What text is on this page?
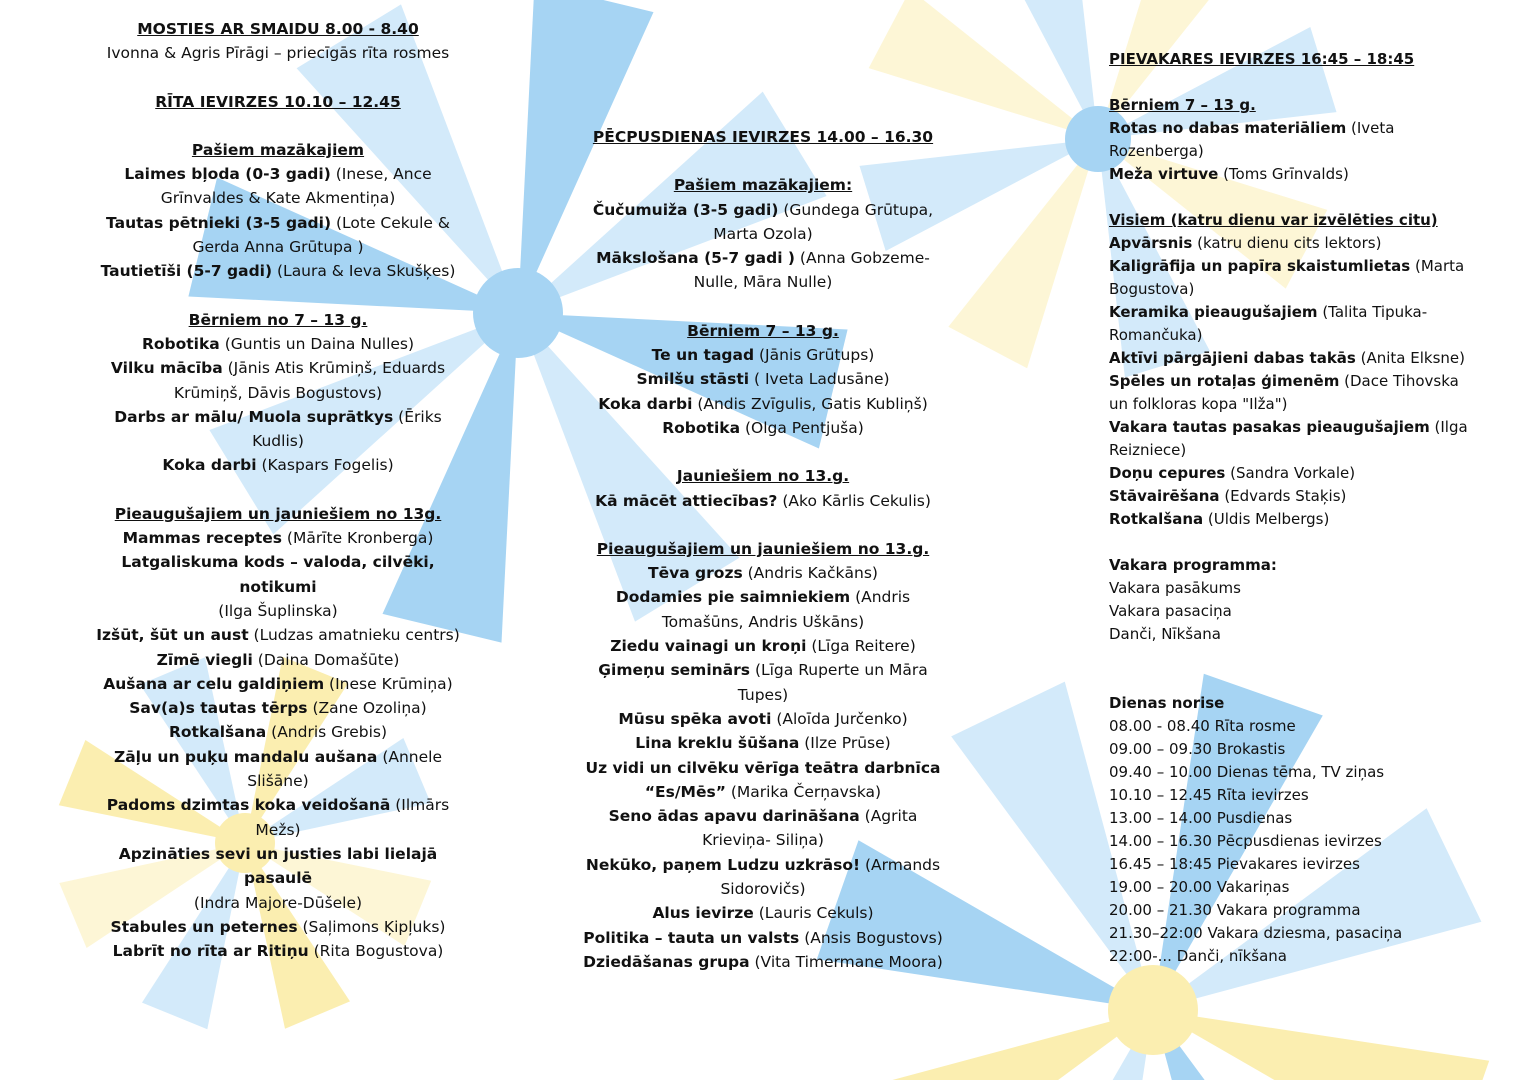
MOSTIES AR SMAIDU 8.00 - 8.40
Ivonna & Agris Pīrāgi – priecīgās rīta rosmes
RĪTA IEVIRZES 10.10 – 12.45
Pašiem mazākajiem
Laimes bļoda (0-3 gadi) (Inese, Ance Grīnvaldes & Kate Akmentiņa)
Tautas pētnieki (3-5 gadi) (Lote Cekule & Gerda Anna Grūtupa )
Tautietīši (5-7 gadi) (Laura & Ieva Skušķes)
Bērniem no 7 – 13 g.
Robotika (Guntis un Daina Nulles)
Vilku mācība (Jānis Atis Krūmiņš, Eduards Krūmiņš, Dāvis Bogustovs)
Darbs ar mālu/ Muola suprātkys (Ēriks Kudlis)
Koka darbi (Kaspars Fogelis)
Pieaugušajiem un jauniešiem no 13g.
Mammas receptes (Mārīte Kronberga)
Latgaliskuma kods – valoda, cilvēki, notikumi
(Ilga Šuplinska)
Izšūt, šūt un aust (Ludzas amatnieku centrs)
Zīmē viegli (Daina Domašūte)
Aušana ar celu galdiņiem (Inese Krūmiņa)
Sav(a)s tautas tērps (Zane Ozoliņa)
Rotkalšana (Andris Grebis)
Zāļu un puķu mandalu aušana (Annele Slišāne)
Padoms dzimtas koka veidošanā (Ilmārs Mežs)
Apzināties sevi un justies labi lielajā pasaulē
(Indra Majore-Dūšele)
Stabules un peternes (Saļimons Ķipļuks)
Labrīt no rīta ar Ritiņu (Rita Bogustova)
PĒCPUSDIENAS IEVIRZES 14.00 – 16.30
Pašiem mazākajiem:
Čučumuiža (3-5 gadi) (Gundega Grūtupa, Marta Ozola)
Mākslošana (5-7 gadi ) (Anna Gobzeme-Nulle, Māra Nulle)
Bērniem 7 – 13 g.
Te un tagad (Jānis Grūtups)
Smilšu stāsti ( Iveta Ladusāne)
Koka darbi (Andis Zvīgulis, Gatis Kubliņš)
Robotika (Olga Pentjuša)
Jauniešiem no 13.g.
Kā mācēt attiecības? (Ako Kārlis Cekulis)
Pieaugušajiem un jauniešiem no 13.g.
Tēva grozs (Andris Kačkāns)
Dodamies pie saimniekiem (Andris Tomašūns, Andris Uškāns)
Ziedu vainagi un kroņi (Līga Reitere)
Ģimeņu seminārs (Līga Ruperte un Māra Tupes)
Mūsu spēka avoti (Aloīda Jurčenko)
Lina kreklu šūšana (Ilze Prūse)
Uz vidi un cilvēku vērīga teātra darbnīca “Es/Mēs” (Marika Čerņavska)
Seno ādas apavu darināšana (Agrita Krieviņa- Siliņa)
Nekūko, paņem Ludzu uzkrāso! (Armands Sidorovičs)
Alus ievirze (Lauris Cekuls)
Politika – tauta un valsts (Ansis Bogustovs)
Dziedāšanas grupa (Vita Timermane Moora)
PIEVAKARES IEVIRZES 16:45 – 18:45
Bērniem 7 – 13 g.
Rotas no dabas materiāliem (Iveta Rozenberga)
Meža virtuve (Toms Grīnvalds)
Visiem (katru dienu var izvēlēties citu)
Apvārsnis (katru dienu cits lektors)
Kaligrāfija un papīra skaistumlietas (Marta Bogustova)
Keramika pieaugušajiem (Talita Tipuka-Romančuka)
Aktīvi pārgājieni dabas takās (Anita Elksne)
Spēles un rotaļas ģimenēm (Dace Tihovska un folkloras kopa "Ilža")
Vakara tautas pasakas pieaugušajiem (Ilga Reizniece)
Doņu cepures (Sandra Vorkale)
Stāvairēšana (Edvards Staķis)
Rotkalšana (Uldis Melbergs)
Vakara programma:
Vakara pasākums
Vakara pasaciņa
Danči, Nīkšana
Dienas norise
08.00 - 08.40 Rīta rosme
09.00 – 09.30 Brokastis
09.40 – 10.00 Dienas tēma, TV ziņas
10.10 – 12.45 Rīta ievirzes
13.00 – 14.00 Pusdienas
14.00 – 16.30 Pēcpusdienas ievirzes
16.45 – 18:45 Pievakares ievirzes
19.00 – 20.00 Vakariņas
20.00 – 21.30 Vakara programma
21.30–22:00 Vakara dziesma, pasaciņa
22:00-... Danči, nīkšana
